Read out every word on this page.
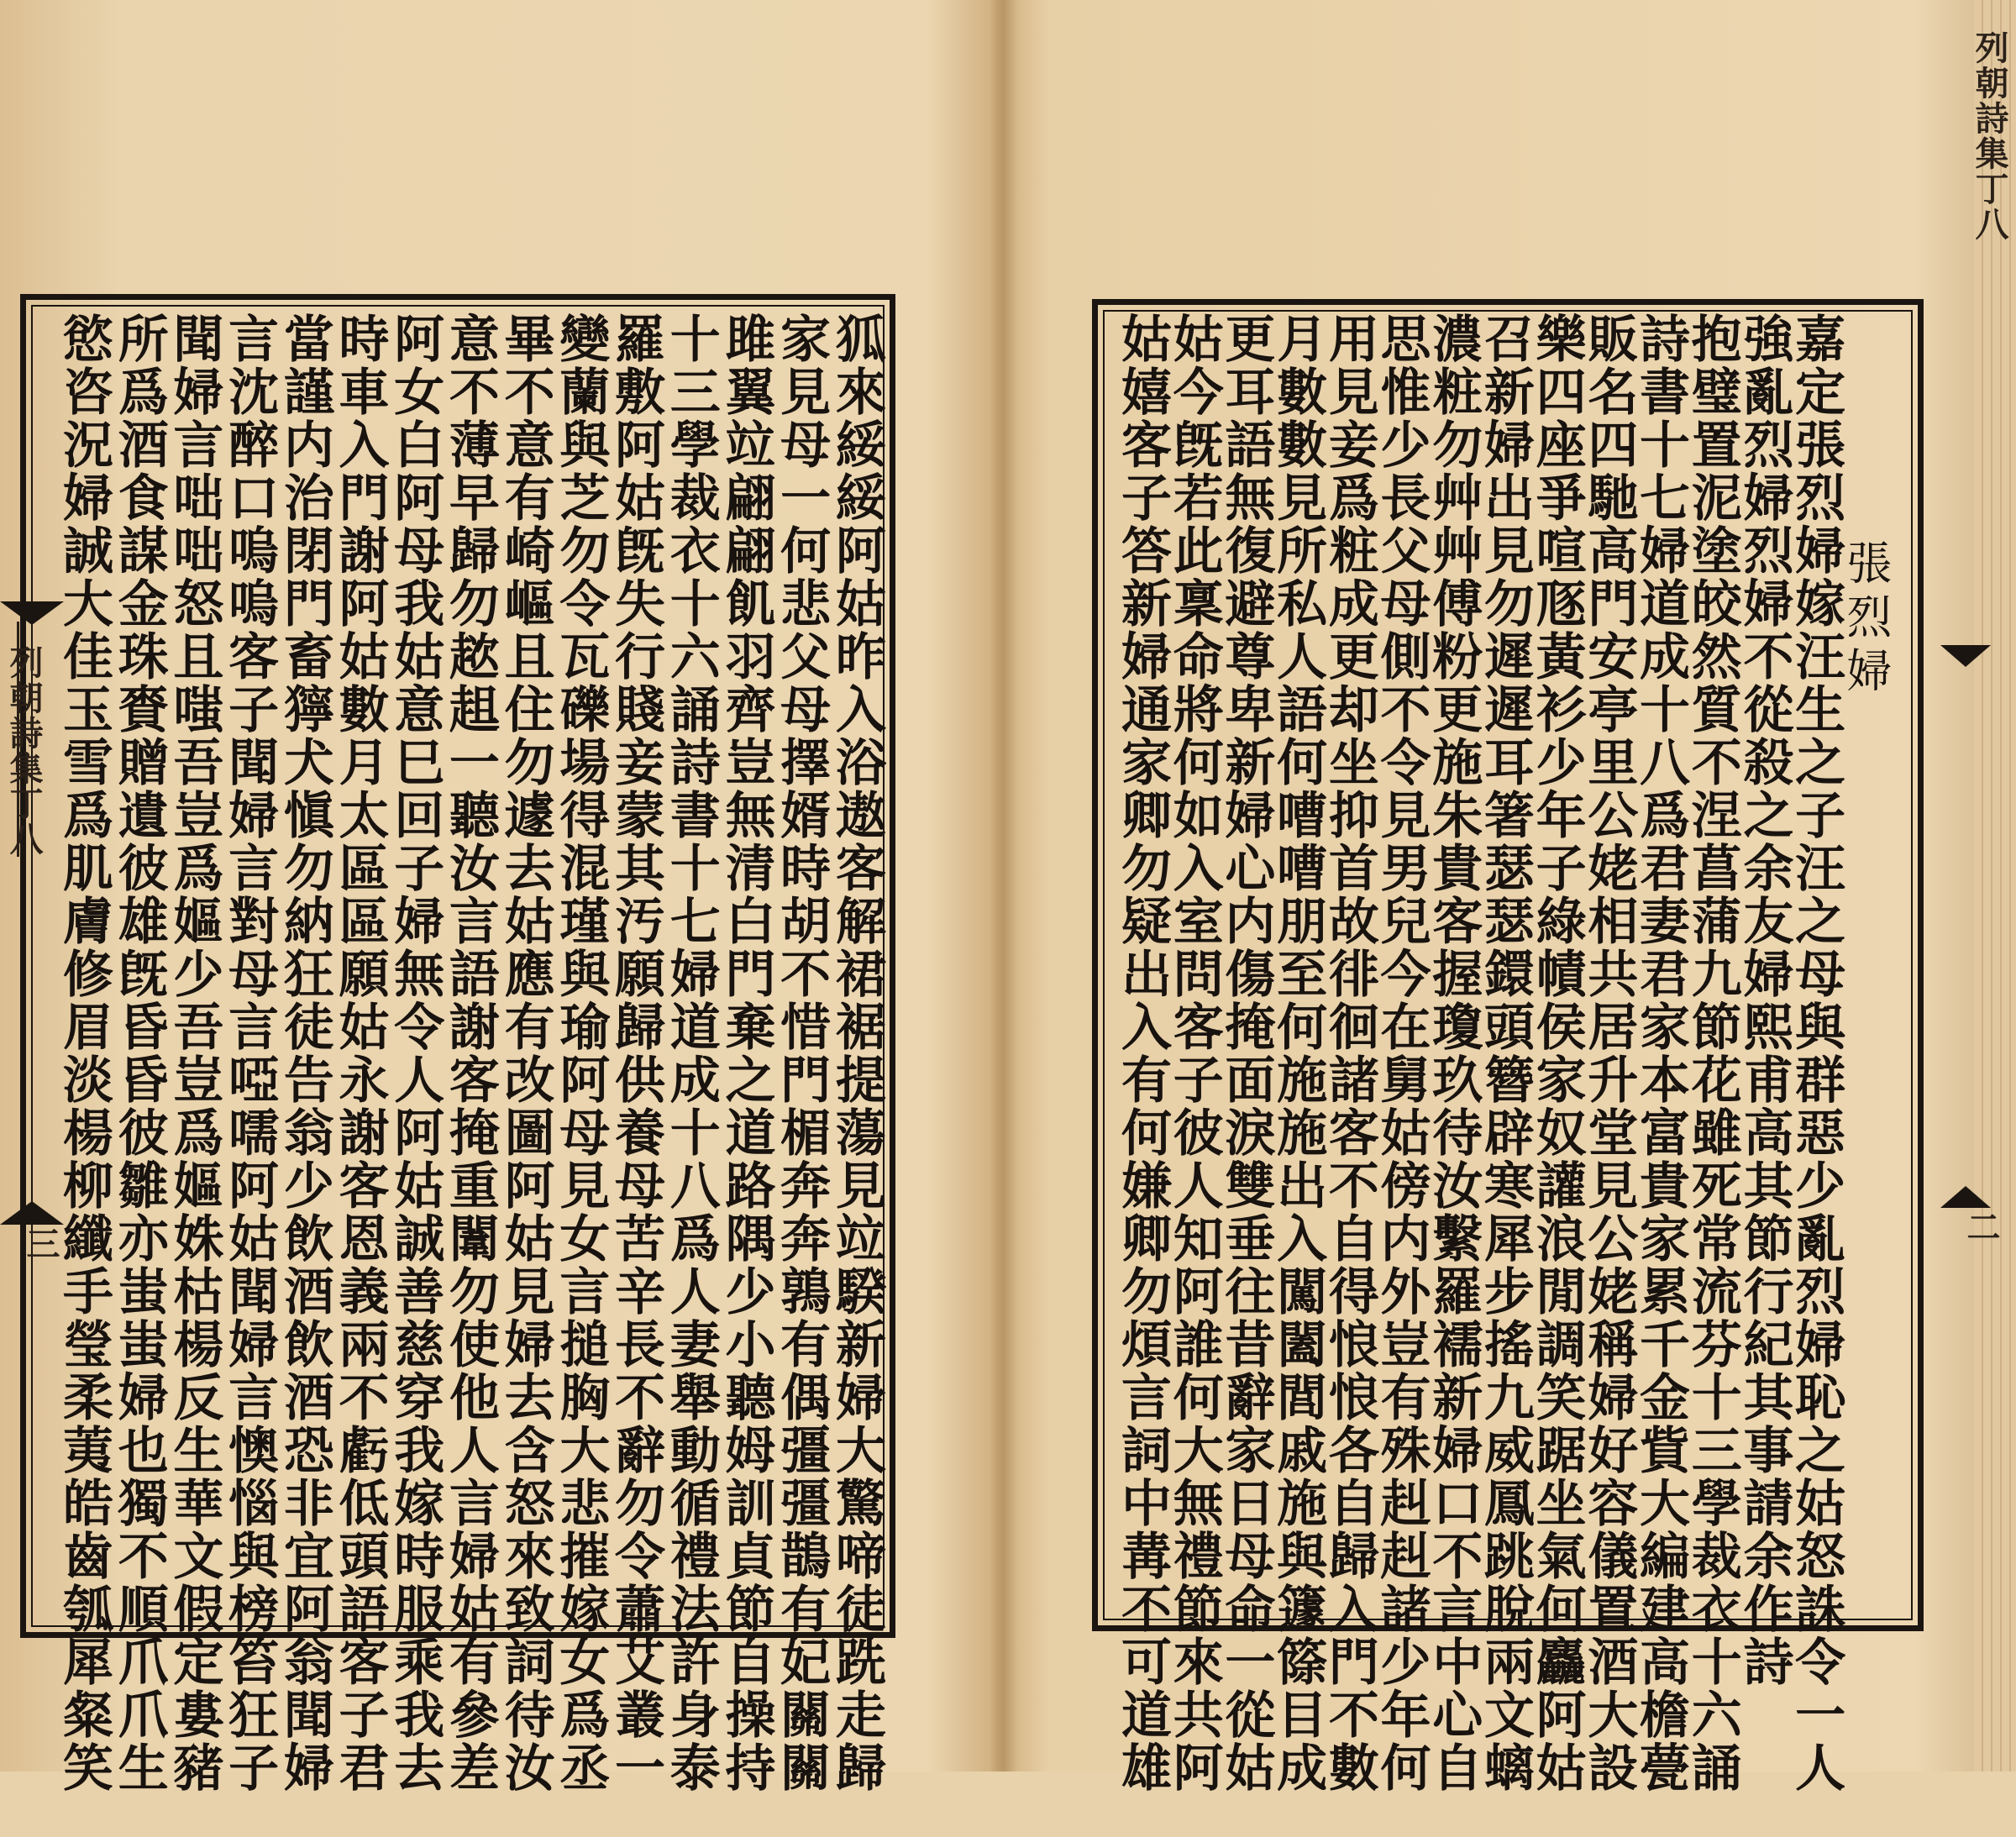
列朝詩集丁八
三	狐來綏綏阿姑昨入浴遨客解裙裾提蕩見竝騤新婦大驚啼徒跣走歸
家見母一何悲父母擇婿時胡不惜門楣奔奔鶉有偶彊彊鵲有妃關關
雎翼竝翩翩飢羽齊豈無清白門棄之道路隅少小聽姆訓貞節自操持
十三學裁衣十六誦詩書十七婦道成十八爲人妻舉動循禮法許身泰
羅敷阿姑旣失行賤妾蒙其汚願歸供養母苦辛長不辭勿令蕭艾叢一
變蘭與芝勿令瓦礫場得混瑾與瑜阿母見女言搥胸大悲摧嫁女爲丞
畢不意有崎嶇且住勿遽去姑應有改圖阿姑見婦去含怒來致詞待汝
意不薄早歸勿趑趄一聽汝言語謝客掩重闈勿使他人言婦姑有參差
阿女白阿母我姑意巳回子婦無令人阿姑誠善慈穿我嫁時服乘我去
時車入門謝阿姑數月太區區願姑永謝客恩義兩不虧低頭語客子君
當謹内治閉門畜獰犬愼勿納狂徒告翁少飲酒飲酒恐非宜阿翁聞婦
言沈醉口嗚嗚客子聞婦言對母言啞嚅阿姑聞婦言懊惱與榜笞狂子
聞婦言咄咄怒且嗤吾豈爲嫗少吾豈爲嫗姝枯楊反生華文假定婁豬
所爲酒食謀金珠賚贈遺彼雄旣昏昏彼雛亦蚩蚩婦也獨不順爪爪生
慾咨況婦誠大佳玉雪爲肌膚修眉淡楊柳纖手瑩柔荑皓齒瓠犀粲笑
列朝詩集丁八
二
張烈婦
嘉定張烈婦嫁汪生之子汪之母與群惡少亂烈婦恥之姑怒誅令一人
強亂烈婦烈婦不從殺之余友婦熙甫高其節行紀其事請余作詩
抱璧置泥塗皎然質不涅菖蒲九節花雖死常流芬十三學裁衣十六誦
詩書十七婦道成十八爲君妻君家本富貴家累千金貲大編建高檐甍
販名四馳高門安亭里公姥相共居升堂見公姥稱婦好容儀置酒大設
樂四座爭喧豗黃衫少年子綠幘侯家奴讙浪閒調笑踞坐氣何麤阿姑
召新婦出見勿遲遲耳箸瑟瑟鐶頭簪辟寒犀步搖九威鳳跳脫兩文螭
濃粧勿艸艸傅粉更施朱貴客握瓊玖待汝繫羅襦新婦口不言中心自
思惟少長父母側不令見男兒今在舅姑傍内外豈有殊赳赳諸少年何
用見妾爲粧成更却坐抑首故徘徊諸客不自得悢悢各自歸入門不數
月數數見所私人語何嘈嘈朋至何施施出入闖闔閭戚施與籧篨目成
更耳語無復避尊卑新婦心内傷掩面淚雙垂往昔辭家日母命一從姑
姑今旣若此稟命將何如入室問客子彼人知阿誰何大無禮節來共阿
姑嬉客子答新婦通家卿勿疑出入有何嫌卿勿煩言詞中冓不可道雄
